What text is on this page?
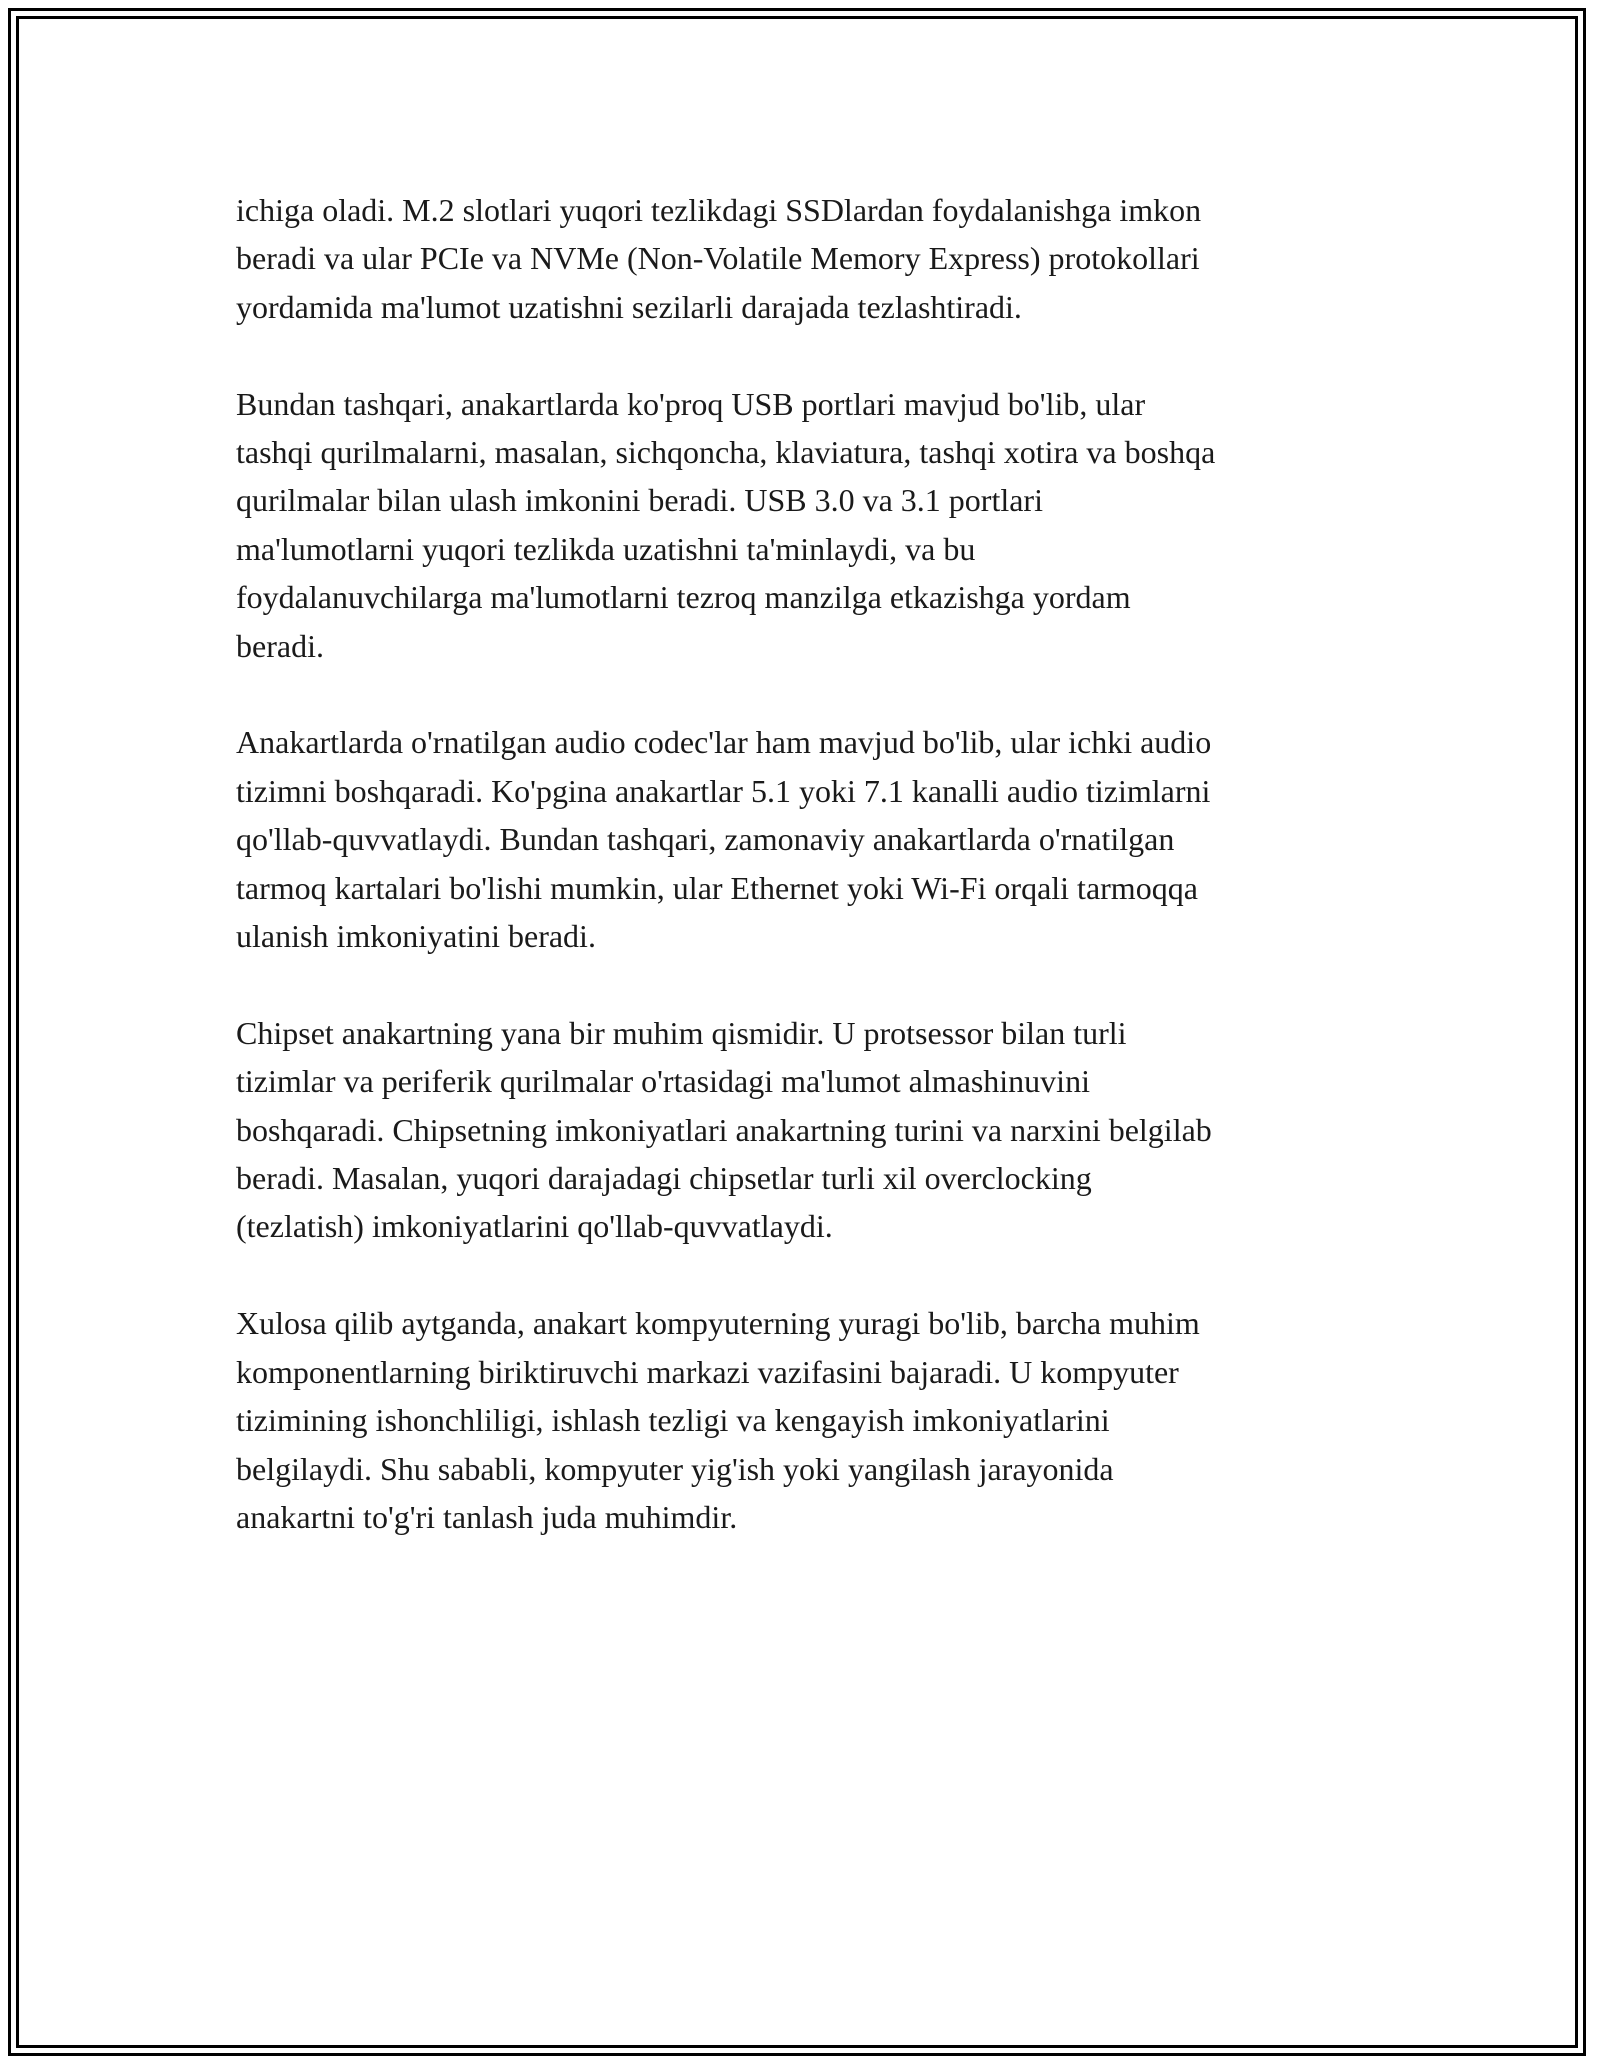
ichiga oladi. M.2 slotlari yuqori tezlikdagi SSDlardan foydalanishga imkon
beradi va ular PCIe va NVMe (Non-Volatile Memory Express) protokollari
yordamida ma'lumot uzatishni sezilarli darajada tezlashtiradi.

Bundan tashqari, anakartlarda ko'proq USB portlari mavjud bo'lib, ular
tashqi qurilmalarni, masalan, sichqoncha, klaviatura, tashqi xotira va boshqa
qurilmalar bilan ulash imkonini beradi. USB 3.0 va 3.1 portlari
ma'lumotlarni yuqori tezlikda uzatishni ta'minlaydi, va bu
foydalanuvchilarga ma'lumotlarni tezroq manzilga etkazishga yordam
beradi.

Anakartlarda o'rnatilgan audio codec'lar ham mavjud bo'lib, ular ichki audio
tizimni boshqaradi. Ko'pgina anakartlar 5.1 yoki 7.1 kanalli audio tizimlarni
qo'llab-quvvatlaydi. Bundan tashqari, zamonaviy anakartlarda o'rnatilgan
tarmoq kartalari bo'lishi mumkin, ular Ethernet yoki Wi-Fi orqali tarmoqqa
ulanish imkoniyatini beradi.

Chipset anakartning yana bir muhim qismidir. U protsessor bilan turli
tizimlar va periferik qurilmalar o'rtasidagi ma'lumot almashinuvini
boshqaradi. Chipsetning imkoniyatlari anakartning turini va narxini belgilab
beradi. Masalan, yuqori darajadagi chipsetlar turli xil overclocking
(tezlatish) imkoniyatlarini qo'llab-quvvatlaydi.

Xulosa qilib aytganda, anakart kompyuterning yuragi bo'lib, barcha muhim
komponentlarning biriktiruvchi markazi vazifasini bajaradi. U kompyuter
tizimining ishonchliligi, ishlash tezligi va kengayish imkoniyatlarini
belgilaydi. Shu sababli, kompyuter yig'ish yoki yangilash jarayonida
anakartni to'g'ri tanlash juda muhimdir.
